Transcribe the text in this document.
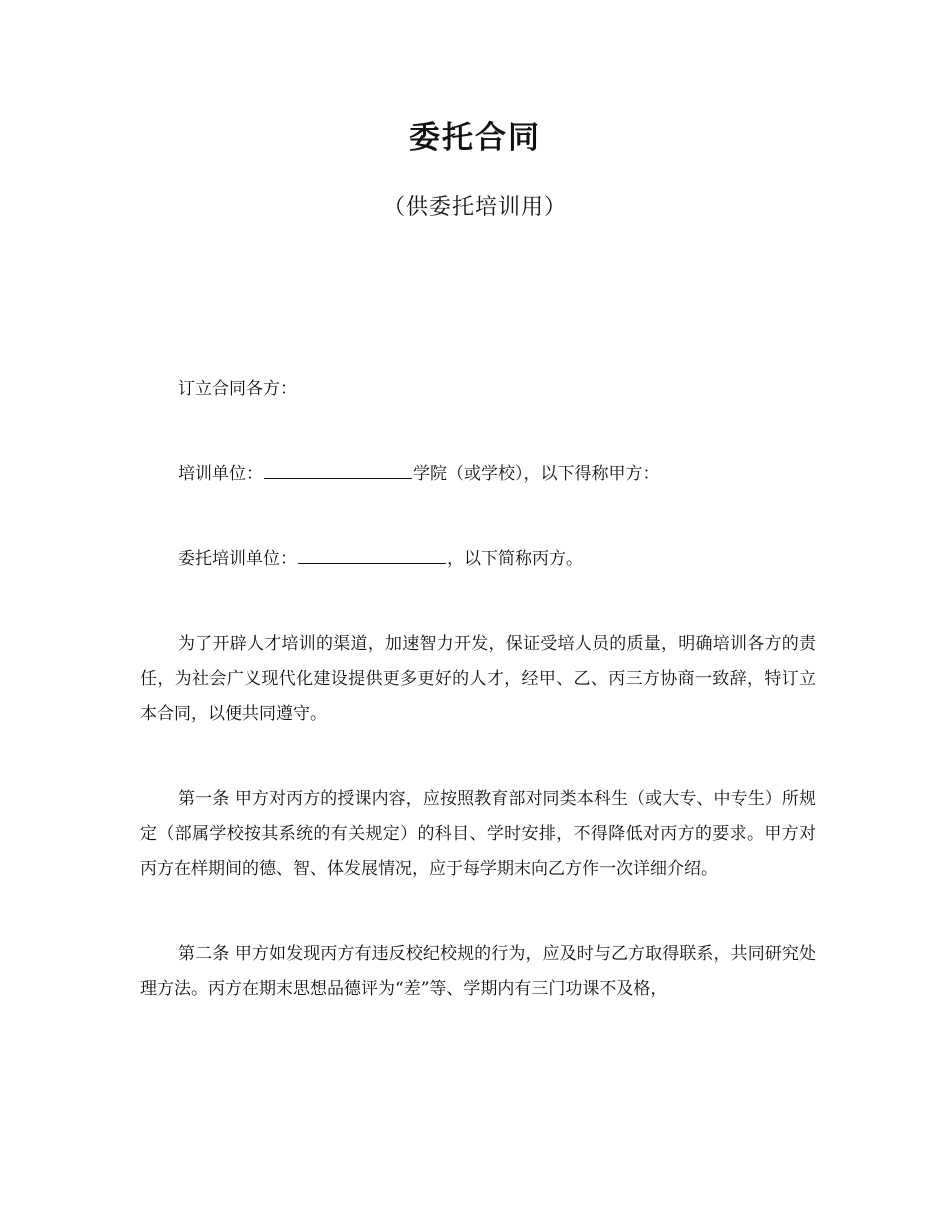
委托合同
（供委托培训用）

订立合同各方：

培训单位：	学院（或学校），以下得称甲方：

委托培训单位：	，以下简称丙方。

为了开辟人才培训的渠道，加速智力开发，保证受培人员的质量，明确培训各方的责任，为社会广义现代化建设提供更多更好的人才，经甲、乙、丙三方协商一致辞，特订立本合同，以便共同遵守。

第一条 甲方对丙方的授课内容，应按照教育部对同类本科生（或大专、中专生）所规定（部属学校按其系统的有关规定）的科目、学时安排，不得降低对丙方的要求。甲方对丙方在样期间的德、智、体发展情况，应于每学期末向乙方作一次详细介绍。

第二条 甲方如发现丙方有违反校纪校规的行为，应及时与乙方取得联系，共同研究处理方法。丙方在期末思想品德评为“差”等、学期内有三门功课不及格，
